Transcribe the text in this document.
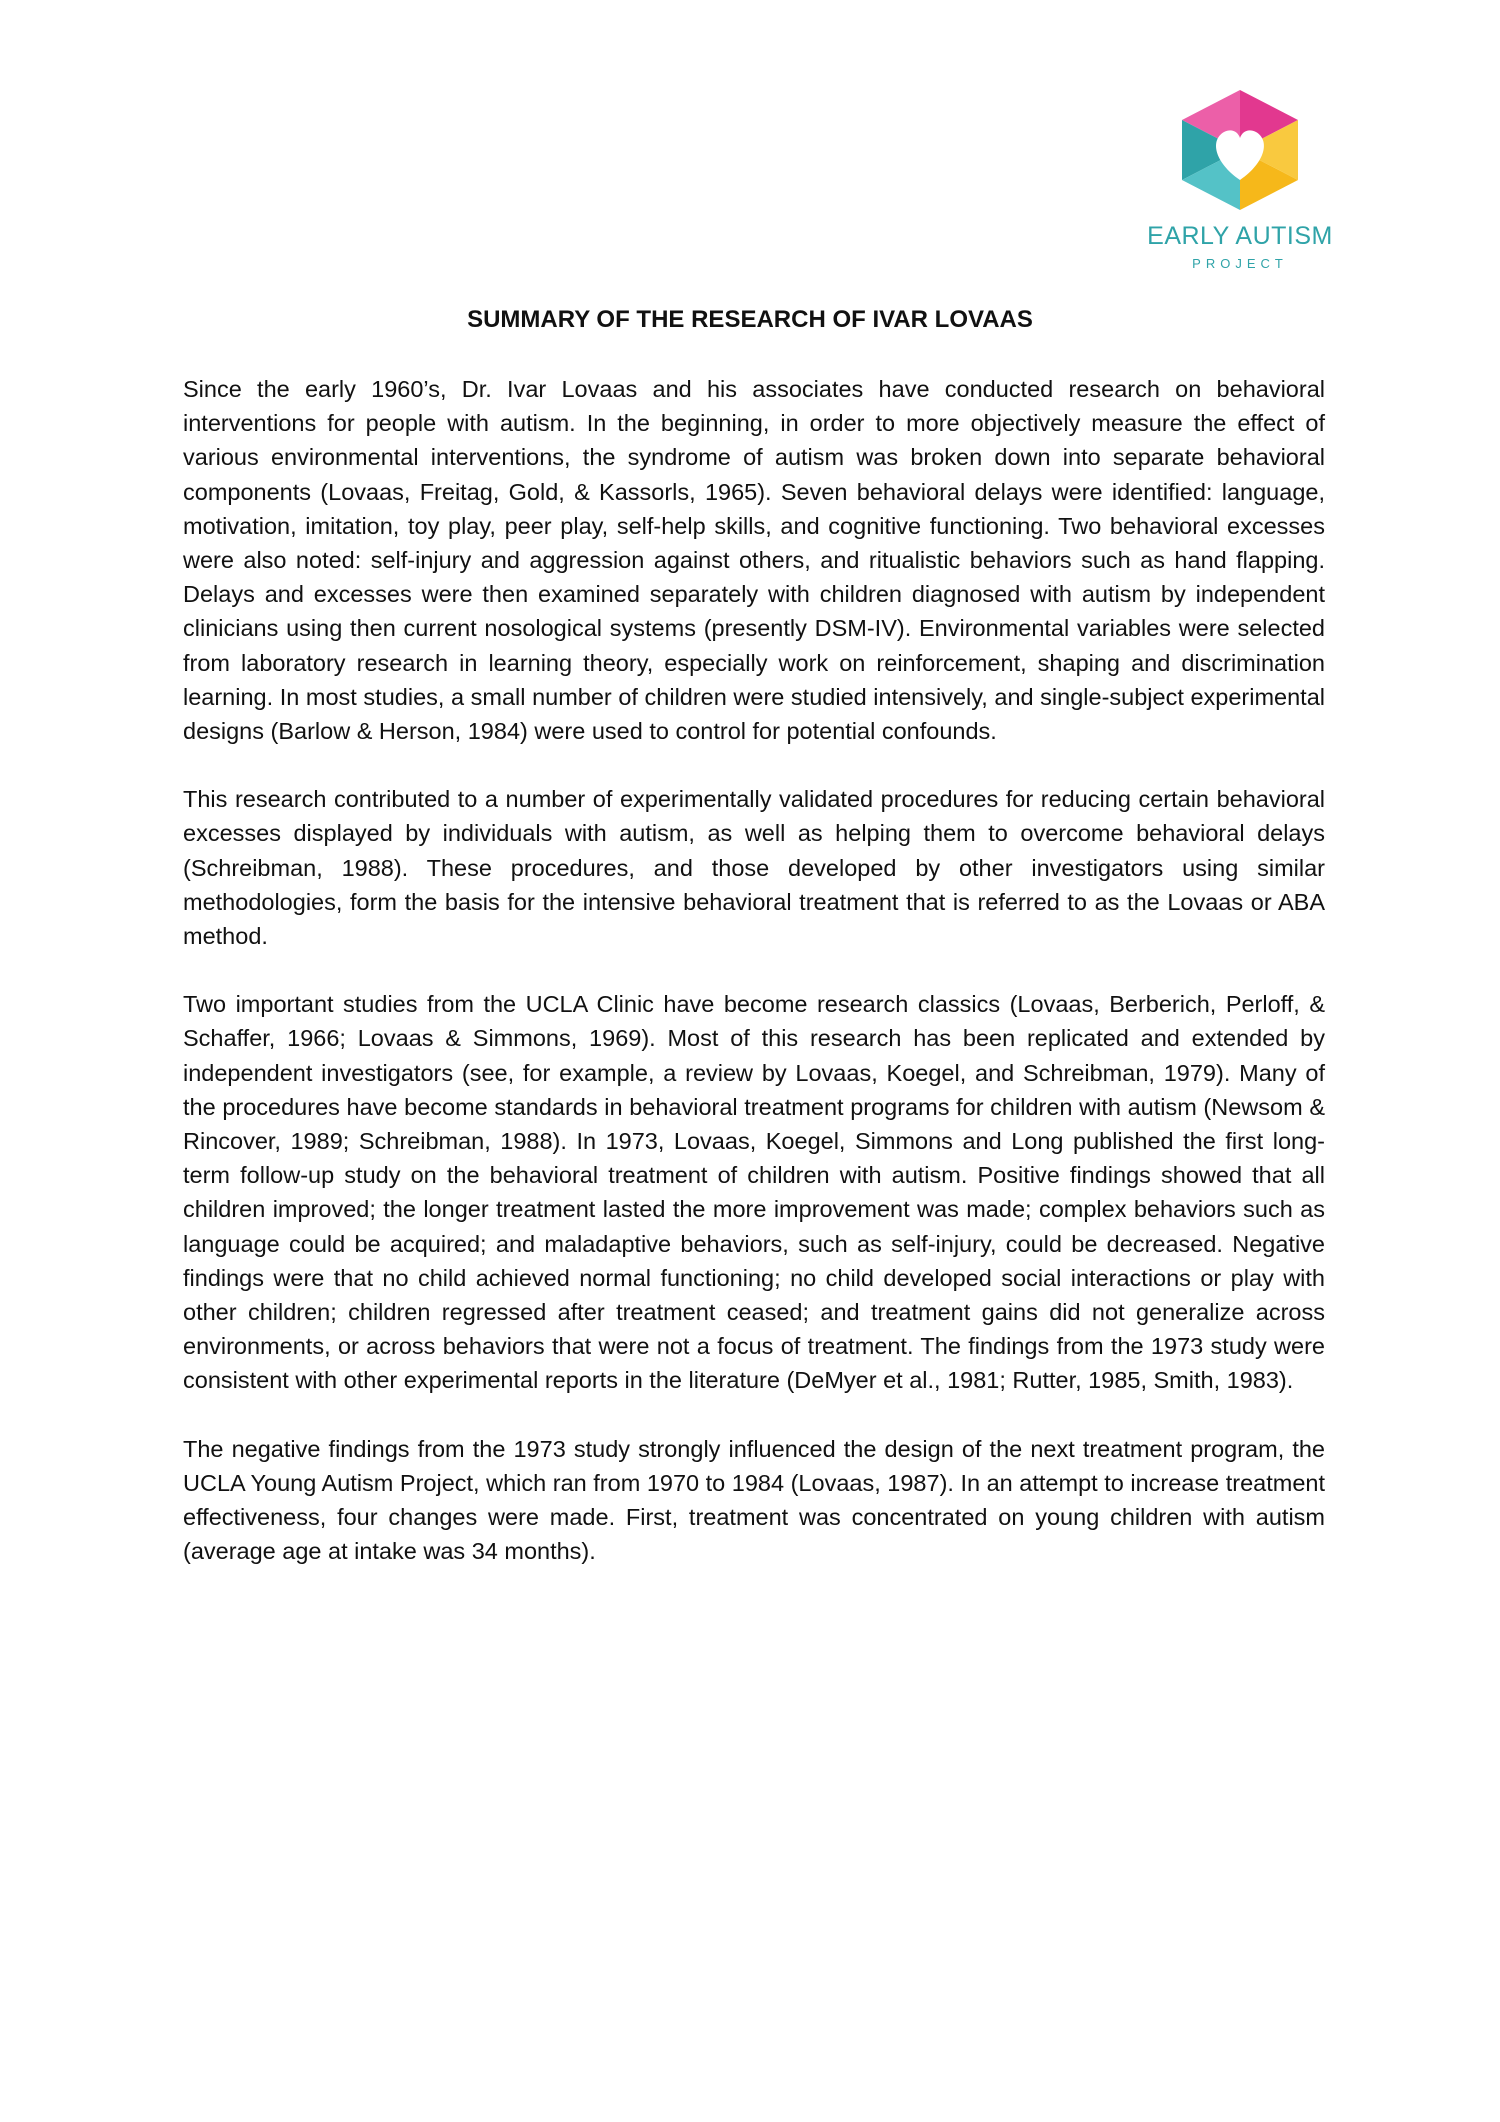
EARLY AUTISM
PROJECT
SUMMARY OF THE RESEARCH OF IVAR LOVAAS

Since the early 1960’s, Dr. Ivar Lovaas and his associates have conducted research on behavioral interventions for people with autism. In the beginning, in order to more objectively measure the effect of various environmental interventions, the syndrome of autism was broken down into separate behavioral components (Lovaas, Freitag, Gold, & Kassorls, 1965). Seven behavioral delays were identified: language, motivation, imitation, toy play, peer play, self-help skills, and cognitive functioning. Two behavioral excesses were also noted: self-injury and aggression against others, and ritualistic behaviors such as hand flapping. Delays and excesses were then examined separately with children diagnosed with autism by independent clinicians using then current nosological systems (presently DSM-IV). Environmental variables were selected from laboratory research in learning theory, especially work on reinforcement, shaping and discrimination learning. In most studies, a small number of children were studied intensively, and single-subject experimental designs (Barlow & Herson, 1984) were used to control for potential confounds.

This research contributed to a number of experimentally validated procedures for reducing certain behavioral excesses displayed by individuals with autism, as well as helping them to overcome behavioral delays (Schreibman, 1988). These procedures, and those developed by other investigators using similar methodologies, form the basis for the intensive behavioral treatment that is referred to as the Lovaas or ABA method.

Two important studies from the UCLA Clinic have become research classics (Lovaas, Berberich, Perloff, & Schaffer, 1966; Lovaas & Simmons, 1969). Most of this research has been replicated and extended by independent investigators (see, for example, a review by Lovaas, Koegel, and Schreibman, 1979). Many of the procedures have become standards in behavioral treatment programs for children with autism (Newsom & Rincover, 1989; Schreibman, 1988). In 1973, Lovaas, Koegel, Simmons and Long published the first long-term follow-up study on the behavioral treatment of children with autism. Positive findings showed that all children improved; the longer treatment lasted the more improvement was made; complex behaviors such as language could be acquired; and maladaptive behaviors, such as self-injury, could be decreased. Negative findings were that no child achieved normal functioning; no child developed social interactions or play with other children; children regressed after treatment ceased; and treatment gains did not generalize across environments, or across behaviors that were not a focus of treatment. The findings from the 1973 study were consistent with other experimental reports in the literature (DeMyer et al., 1981; Rutter, 1985, Smith, 1983).

The negative findings from the 1973 study strongly influenced the design of the next treatment program, the UCLA Young Autism Project, which ran from 1970 to 1984 (Lovaas, 1987). In an attempt to increase treatment effectiveness, four changes were made. First, treatment was concentrated on young children with autism (average age at intake was 34 months).
